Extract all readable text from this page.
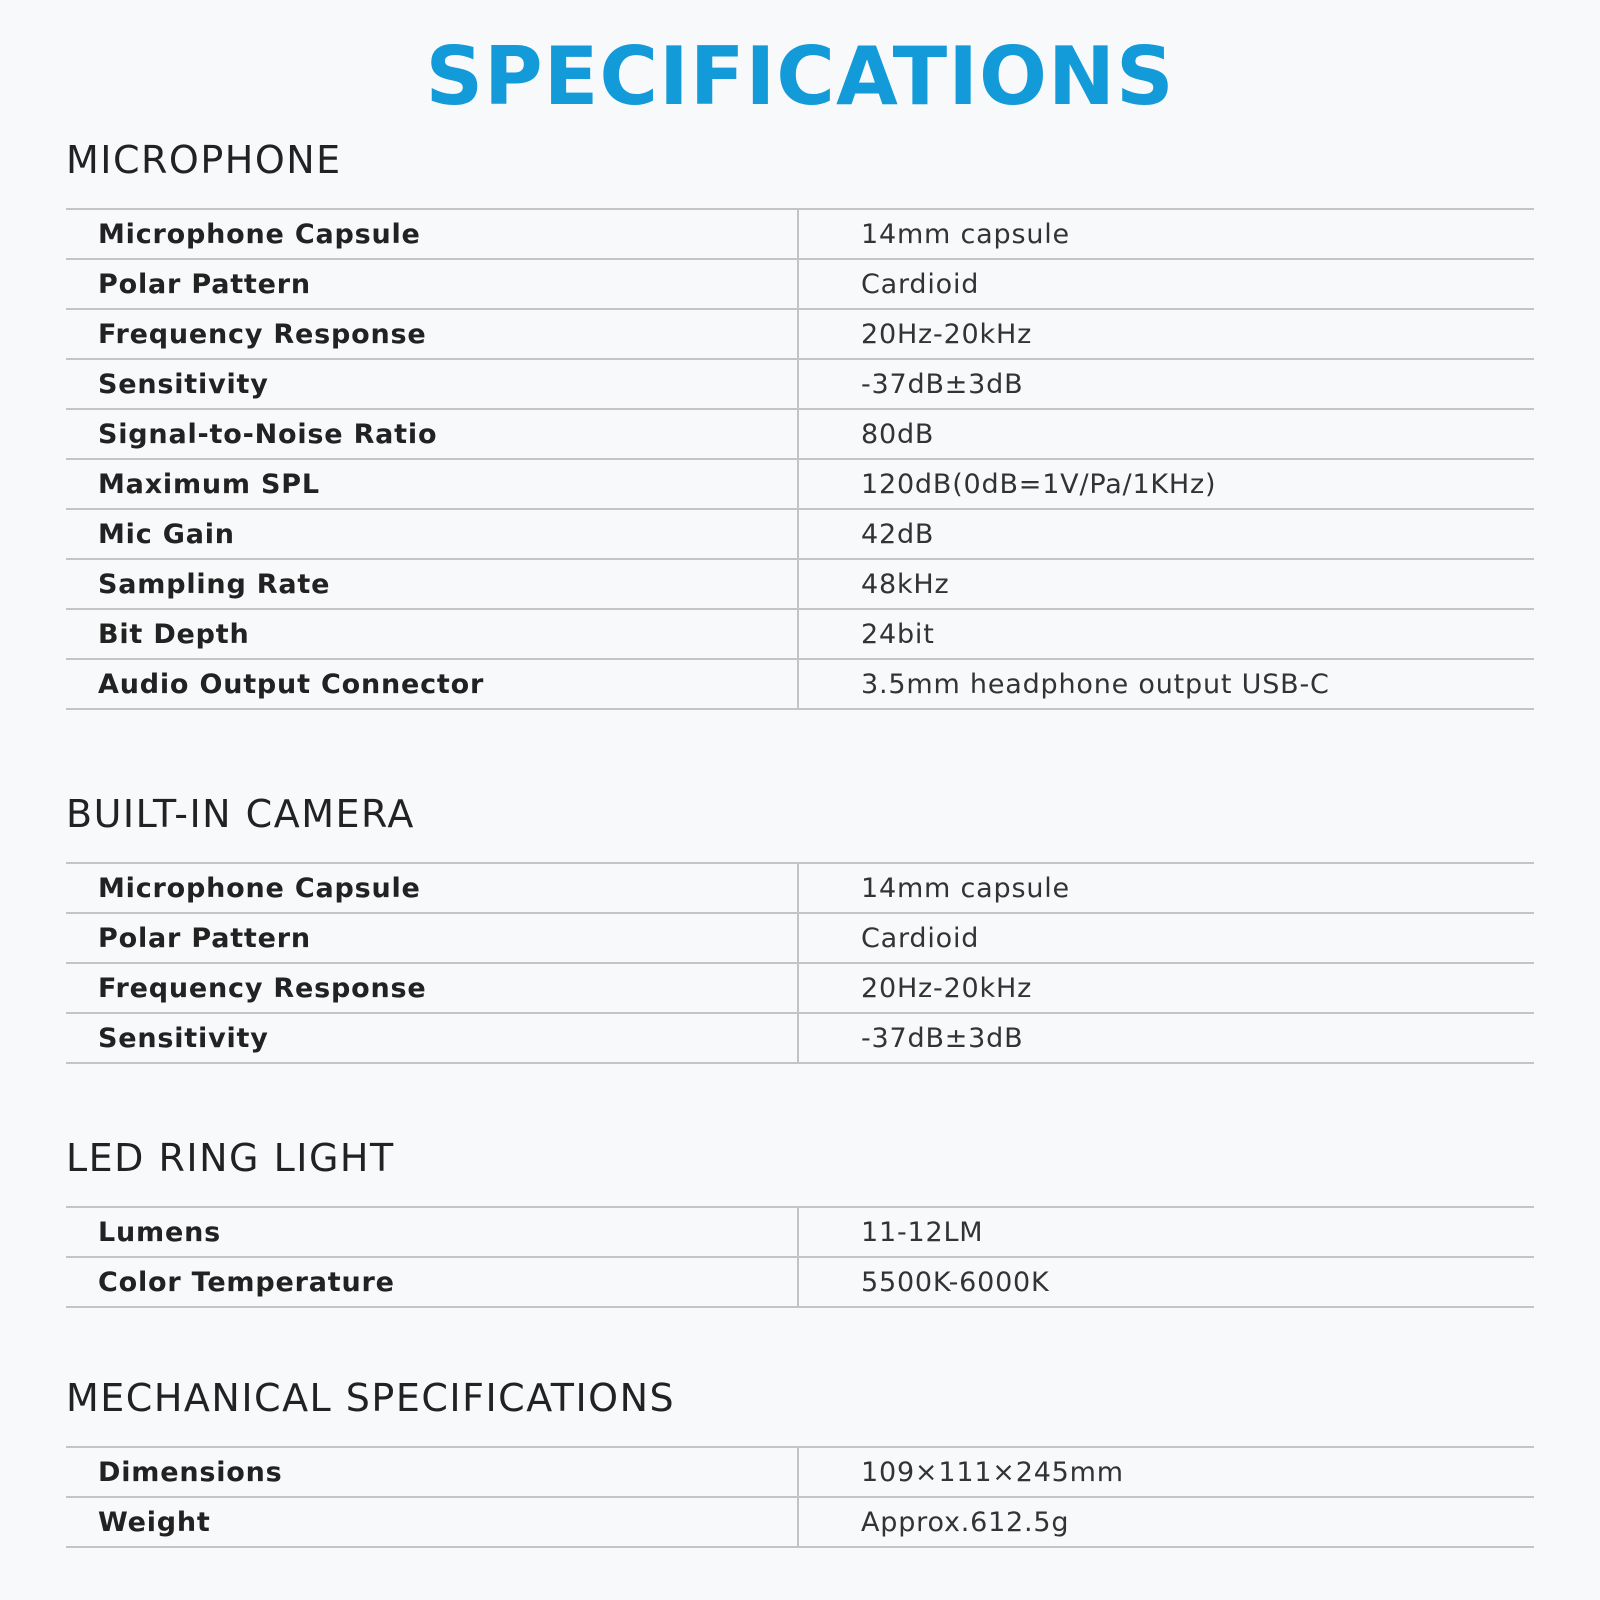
SPECIFICATIONS
MICROPHONE
Microphone Capsule	14mm capsule
Polar Pattern	Cardioid
Frequency Response	20Hz-20kHz
Sensitivity	-37dB±3dB
Signal-to-Noise Ratio	80dB
Maximum SPL	120dB(0dB=1V/Pa/1KHz)
Mic Gain	42dB
Sampling Rate	48kHz
Bit Depth	24bit
Audio Output Connector	3.5mm headphone output USB-C
BUILT-IN CAMERA
Microphone Capsule	14mm capsule
Polar Pattern	Cardioid
Frequency Response	20Hz-20kHz
Sensitivity	-37dB±3dB
LED RING LIGHT
Lumens	11-12LM
Color Temperature	5500K-6000K
MECHANICAL SPECIFICATIONS
Dimensions	109×111×245mm
Weight	Approx.612.5g
